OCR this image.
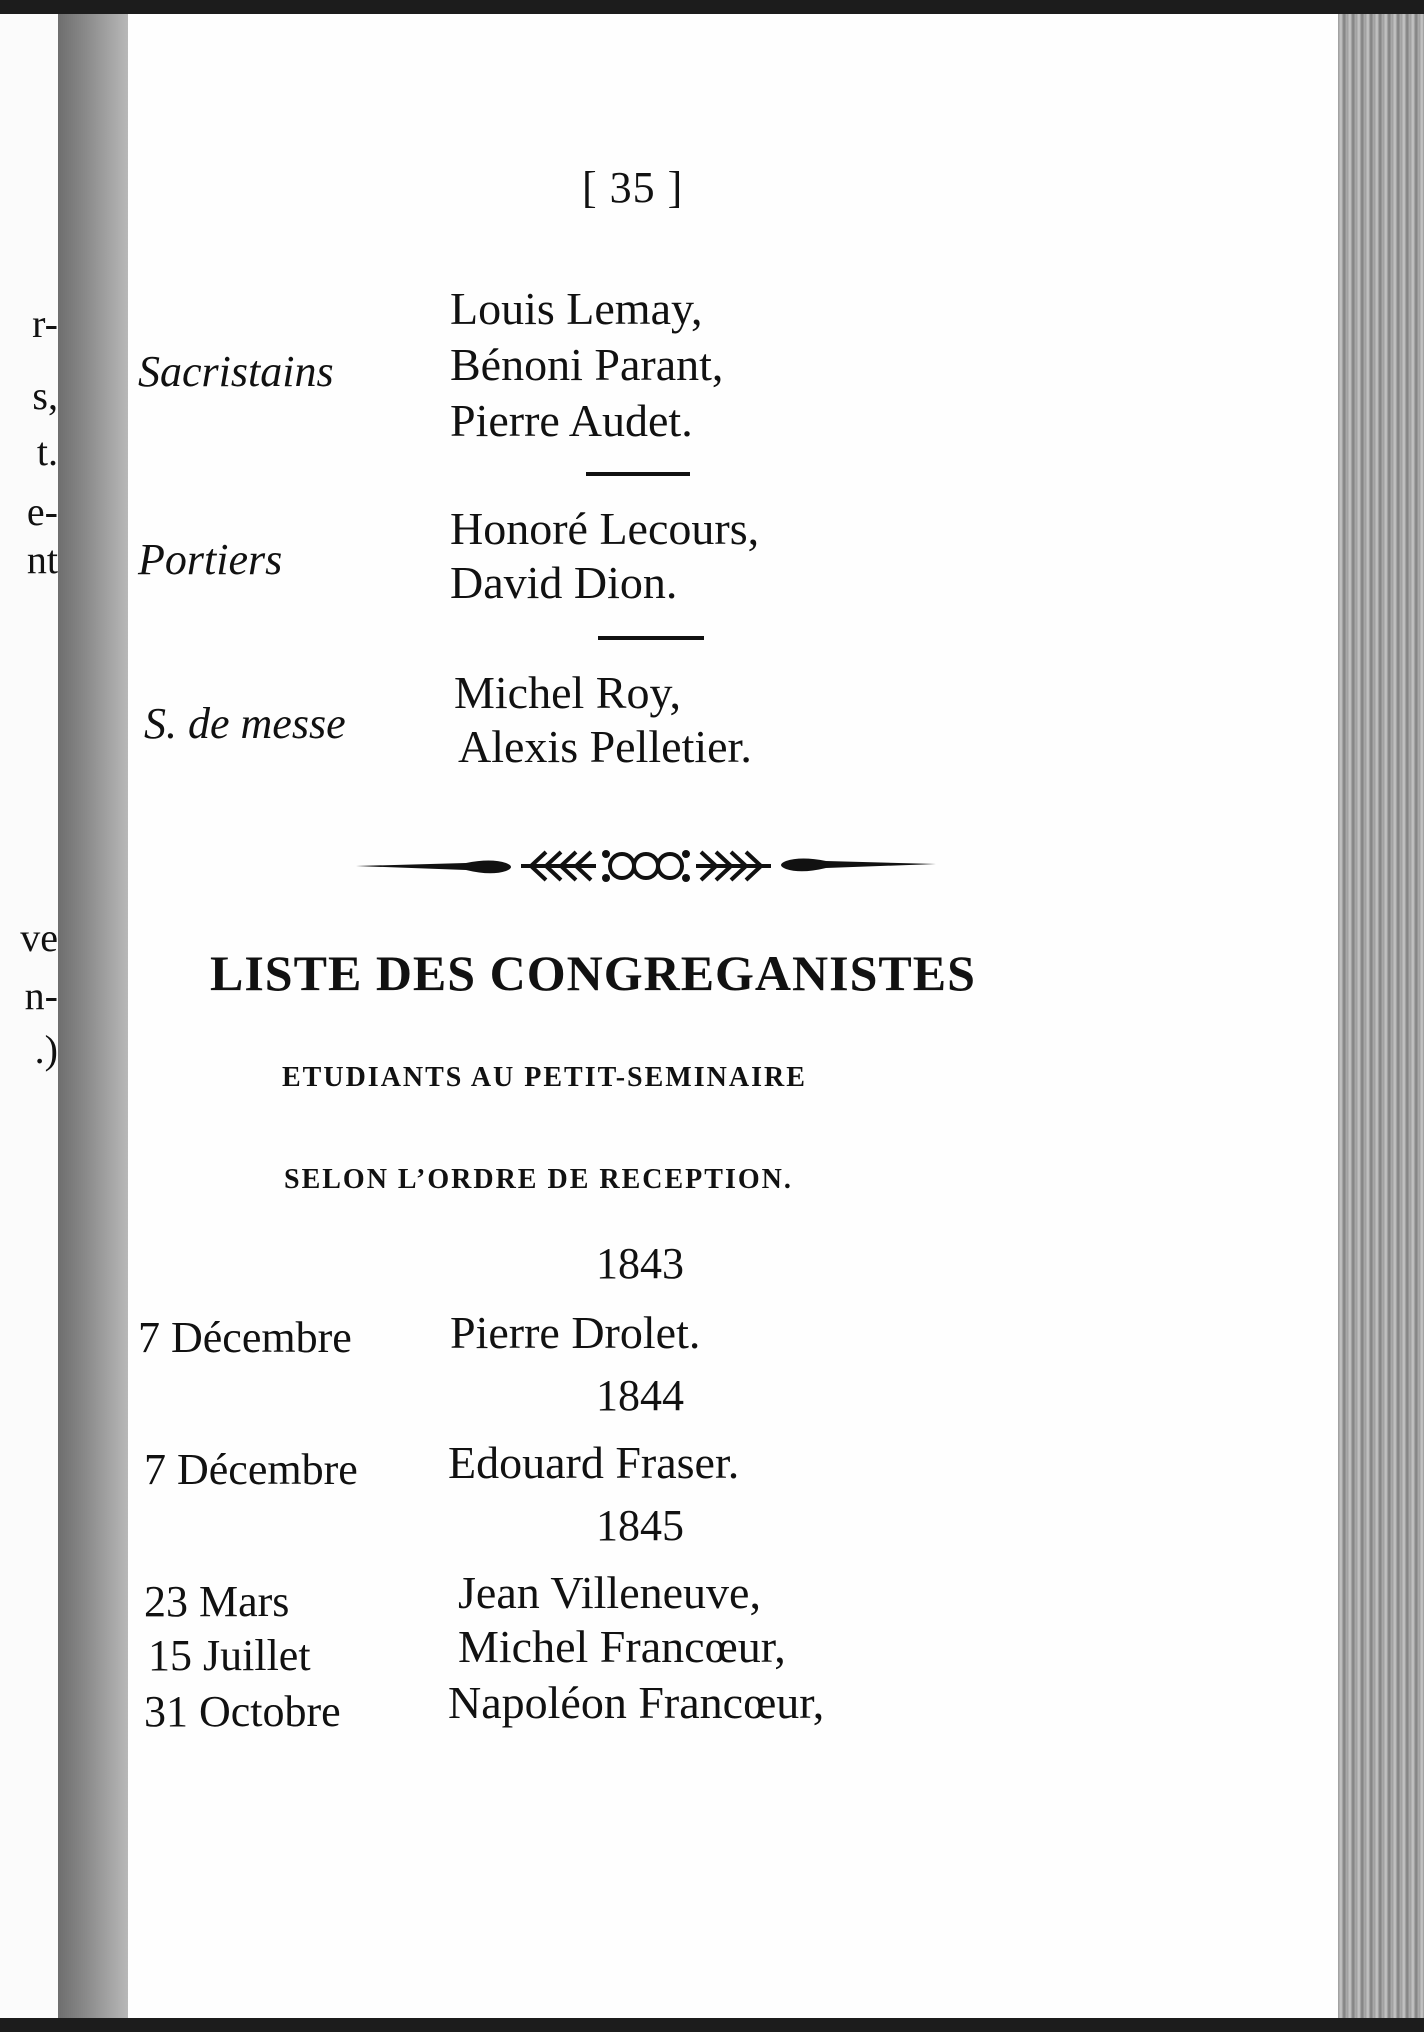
r-
s,
t.
e-
nt
ve
n-
.)
[ 35 ]
Sacristains
Louis Lemay,
Bénoni Parant,
Pierre Audet.
Portiers
Honoré Lecours,
David Dion.
S. de messe
Michel Roy,
Alexis Pelletier.
LISTE DES CONGREGANISTES
ETUDIANTS AU PETIT-SEMINAIRE
SELON L’ORDRE DE RECEPTION.
1843
7 Décembre Pierre Drolet.
1844
7 Décembre Edouard Fraser.
1845
23 Mars	Jean Villeneuve,
15 Juillet	Michel Francœur,
31 Octobre Napoléon Francœur,
